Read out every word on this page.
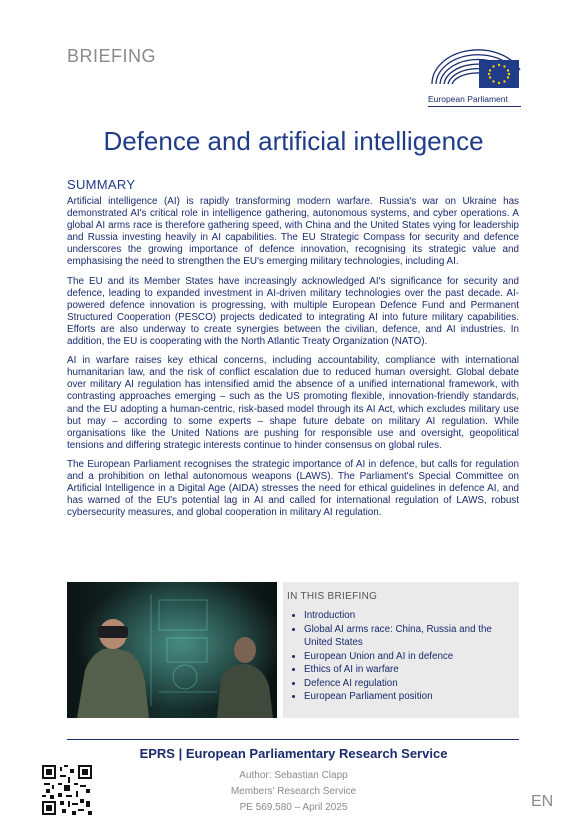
BRIEFING
European Parliament
Defence and artificial intelligence
SUMMARY

Artificial intelligence (AI) is rapidly transforming modern warfare. Russia's war on Ukraine has demonstrated AI's critical role in intelligence gathering, autonomous systems, and cyber operations. A global AI arms race is therefore gathering speed, with China and the United States vying for leadership and Russia investing heavily in AI capabilities. The EU Strategic Compass for security and defence underscores the growing importance of defence innovation, recognising its strategic value and emphasising the need to strengthen the EU's emerging military technologies, including AI.

The EU and its Member States have increasingly acknowledged AI's significance for security and defence, leading to expanded investment in AI-driven military technologies over the past decade. AI-powered defence innovation is progressing, with multiple European Defence Fund and Permanent Structured Cooperation (PESCO) projects dedicated to integrating AI into future military capabilities. Efforts are also underway to create synergies between the civilian, defence, and AI industries. In addition, the EU is cooperating with the North Atlantic Treaty Organization (NATO).

AI in warfare raises key ethical concerns, including accountability, compliance with international humanitarian law, and the risk of conflict escalation due to reduced human oversight. Global debate over military AI regulation has intensified amid the absence of a unified international framework, with contrasting approaches emerging – such as the US promoting flexible, innovation-friendly standards, and the EU adopting a human-centric, risk-based model through its AI Act, which excludes military use but may – according to some experts – shape future debate on military AI regulation. While organisations like the United Nations are pushing for responsible use and oversight, geopolitical tensions and differing strategic interests continue to hinder consensus on global rules.

The European Parliament recognises the strategic importance of AI in defence, but calls for regulation and a prohibition on lethal autonomous weapons (LAWS). The Parliament's Special Committee on Artificial Intelligence in a Digital Age (AIDA) stresses the need for ethical guidelines in defence AI, and has warned of the EU's potential lag in AI and called for international regulation of LAWS, robust cybersecurity measures, and global cooperation in military AI regulation.

IN THIS BRIEFING
• Introduction
• Global AI arms race: China, Russia and the United States
• European Union and AI in defence
• Ethics of AI in warfare
• Defence AI regulation
• European Parliament position
EPRS | European Parliamentary Research Service
Author: Sebastian Clapp
Members' Research Service
PE 569.580 – April 2025	EN
